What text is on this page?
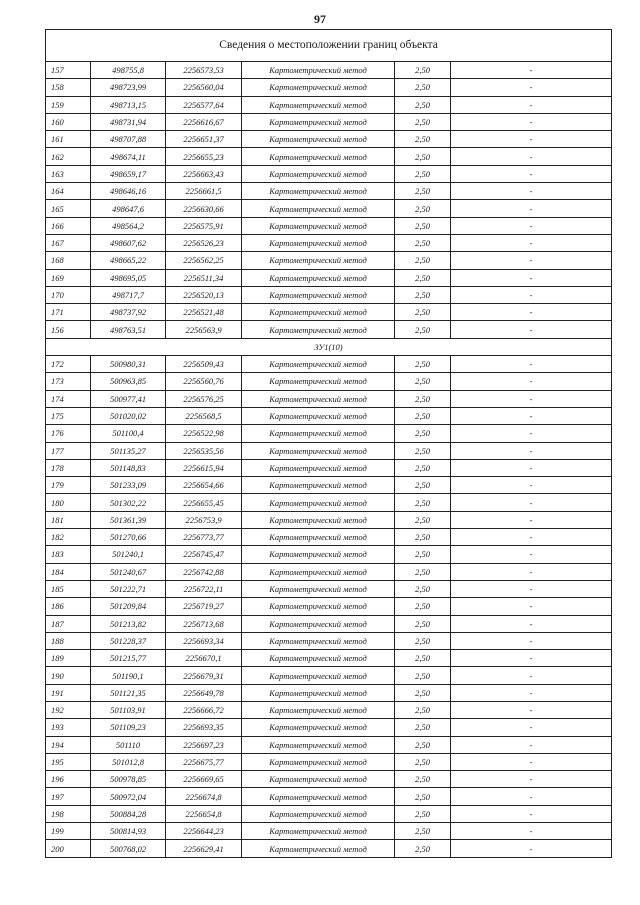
97
Сведения о местоположении границ объекта					
157	498755,8	2256573,53	Картометрический метод	2,50	-
158	498723,99	2256560,04	Картометрический метод	2,50	-
159	498713,15	2256577,64	Картометрический метод	2,50	-
160	498731,94	2256616,67	Картометрический метод	2,50	-
161	498707,88	2256651,37	Картометрический метод	2,50	-
162	498674,11	2256655,23	Картометрический метод	2,50	-
163	498659,17	2256663,43	Картометрический метод	2,50	-
164	498646,16	2256661,5	Картометрический метод	2,50	-
165	498647,6	2256630,66	Картометрический метод	2,50	-
166	498564,2	2256575,91	Картометрический метод	2,50	-
167	498607,62	2256526,23	Картометрический метод	2,50	-
168	498665,22	2256562,25	Картометрический метод	2,50	-
169	498695,05	2256511,34	Картометрический метод	2,50	-
170	498717,7	2256520,13	Картометрический метод	2,50	-
171	498737,92	2256521,48	Картометрический метод	2,50	-
156	498763,51	2256563,9	Картометрический метод	2,50	-
ЗУ1(10)					
172	500980,31	2256509,43	Картометрический метод	2,50	-
173	500963,85	2256560,76	Картометрический метод	2,50	-
174	500977,41	2256576,25	Картометрический метод	2,50	-
175	501020,02	2256568,5	Картометрический метод	2,50	-
176	501100,4	2256522,98	Картометрический метод	2,50	-
177	501135,27	2256535,56	Картометрический метод	2,50	-
178	501148,83	2256615,94	Картометрический метод	2,50	-
179	501233,09	2256654,66	Картометрический метод	2,50	-
180	501302,22	2256655,45	Картометрический метод	2,50	-
181	501361,39	2256753,9	Картометрический метод	2,50	-
182	501270,66	2256773,77	Картометрический метод	2,50	-
183	501240,1	2256745,47	Картометрический метод	2,50	-
184	501240,67	2256742,88	Картометрический метод	2,50	-
185	501222,71	2256722,11	Картометрический метод	2,50	-
186	501209,84	2256719,27	Картометрический метод	2,50	-
187	501213,82	2256713,68	Картометрический метод	2,50	-
188	501228,37	2256693,34	Картометрический метод	2,50	-
189	501215,77	2256670,1	Картометрический метод	2,50	-
190	501190,1	2256679,31	Картометрический метод	2,50	-
191	501121,35	2256649,78	Картометрический метод	2,50	-
192	501103,91	2256666,72	Картометрический метод	2,50	-
193	501109,23	2256693,35	Картометрический метод	2,50	-
194	501110	2256697,23	Картометрический метод	2,50	-
195	501012,8	2256675,77	Картометрический метод	2,50	-
196	500978,85	2256669,65	Картометрический метод	2,50	-
197	500972,04	2256674,8	Картометрический метод	2,50	-
198	500884,28	2256654,8	Картометрический метод	2,50	-
199	500814,93	2256644,23	Картометрический метод	2,50	-
200	500768,02	2256629,41	Картометрический метод	2,50	-
